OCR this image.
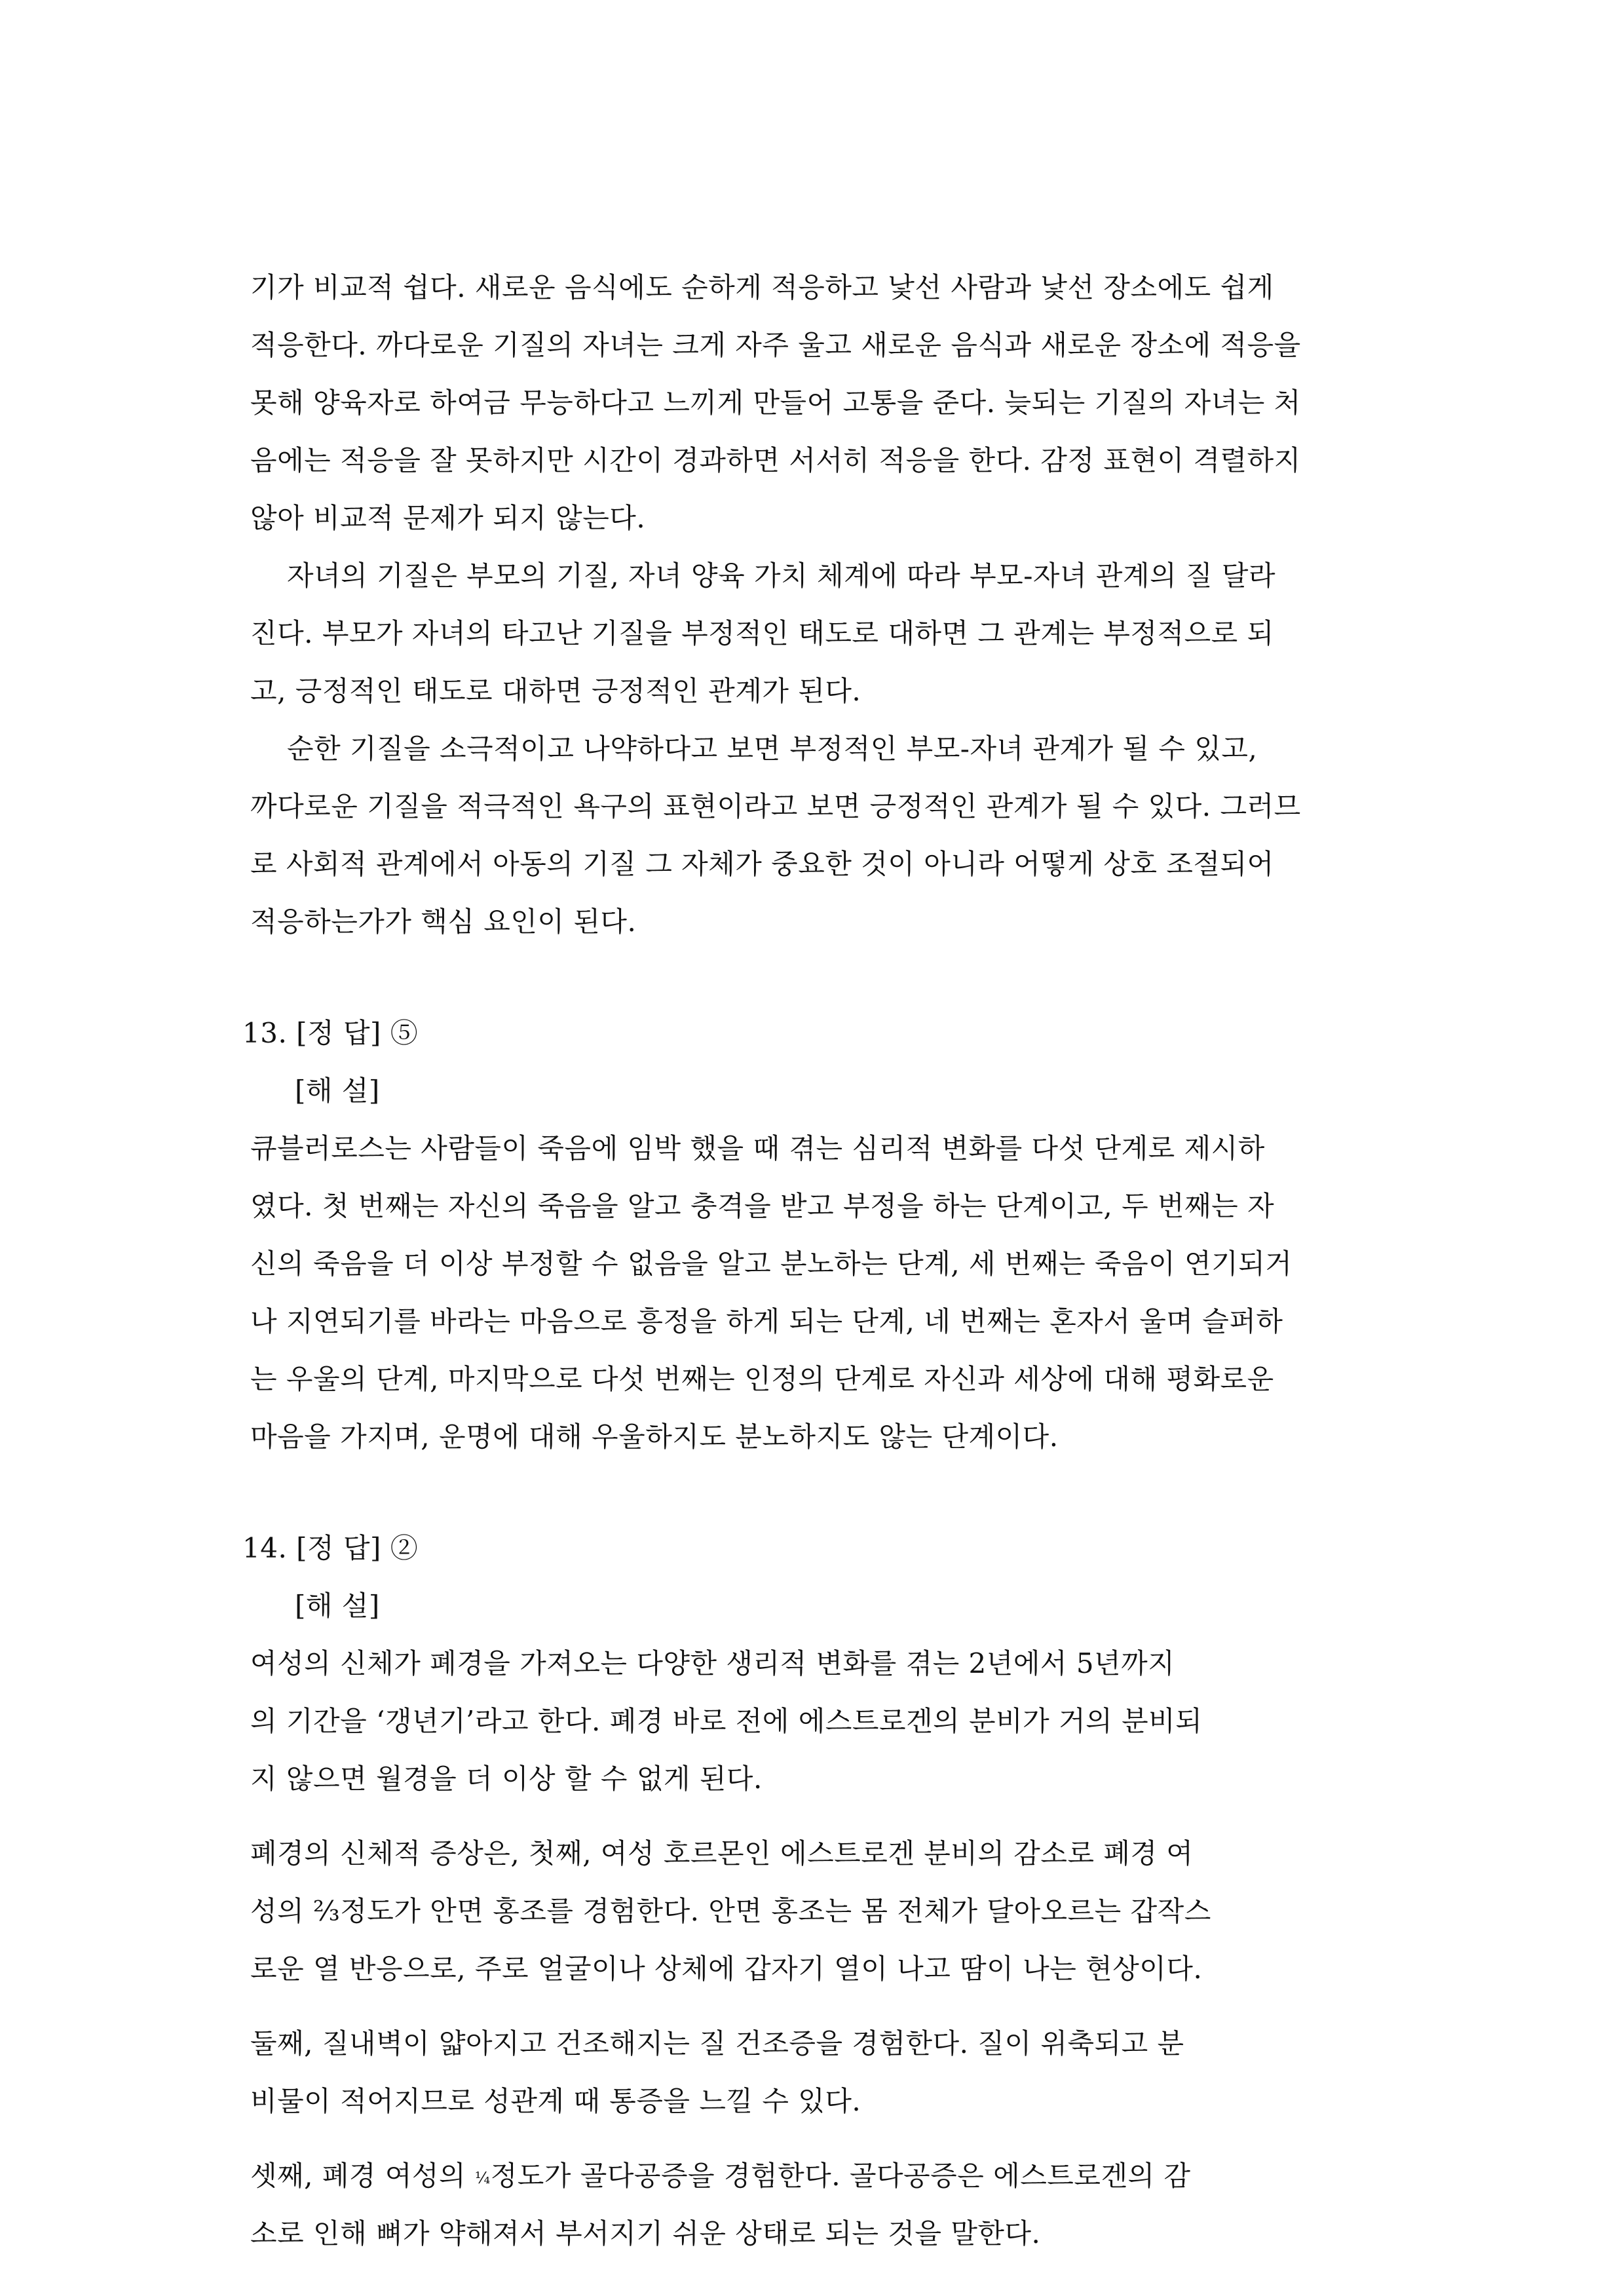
기가 비교적 쉽다. 새로운 음식에도 순하게 적응하고 낯선 사람과 낯선 장소에도 쉽게
적응한다. 까다로운 기질의 자녀는 크게 자주 울고 새로운 음식과 새로운 장소에 적응을
못해 양육자로 하여금 무능하다고 느끼게 만들어 고통을 준다. 늦되는 기질의 자녀는 처
음에는 적응을 잘 못하지만 시간이 경과하면 서서히 적응을 한다. 감정 표현이 격렬하지
않아 비교적 문제가 되지 않는다.
자녀의 기질은 부모의 기질, 자녀 양육 가치 체계에 따라 부모-자녀 관계의 질 달라
진다. 부모가 자녀의 타고난 기질을 부정적인 태도로 대하면 그 관계는 부정적으로 되
고, 긍정적인 태도로 대하면 긍정적인 관계가 된다.
순한 기질을 소극적이고 나약하다고 보면 부정적인 부모-자녀 관계가 될 수 있고,
까다로운 기질을 적극적인 욕구의 표현이라고 보면 긍정적인 관계가 될 수 있다. 그러므
로 사회적 관계에서 아동의 기질 그 자체가 중요한 것이 아니라 어떻게 상호 조절되어
적응하는가가 핵심 요인이 된다.
13. [정 답] ⑤
[해 설]
큐블러로스는 사람들이 죽음에 임박 했을 때 겪는 심리적 변화를 다섯 단계로 제시하
였다. 첫 번째는 자신의 죽음을 알고 충격을 받고 부정을 하는 단계이고, 두 번째는 자
신의 죽음을 더 이상 부정할 수 없음을 알고 분노하는 단계, 세 번째는 죽음이 연기되거
나 지연되기를 바라는 마음으로 흥정을 하게 되는 단계, 네 번째는 혼자서 울며 슬퍼하
는 우울의 단계, 마지막으로 다섯 번째는 인정의 단계로 자신과 세상에 대해 평화로운
마음을 가지며, 운명에 대해 우울하지도 분노하지도 않는 단계이다.
14. [정 답] ②
[해 설]
여성의 신체가 폐경을 가져오는 다양한 생리적 변화를 겪는 2년에서 5년까지
의 기간을 ‘갱년기’라고 한다. 폐경 바로 전에 에스트로겐의 분비가 거의 분비되
지 않으면 월경을 더 이상 할 수 없게 된다.
폐경의 신체적 증상은, 첫째, 여성 호르몬인 에스트로겐 분비의 감소로 폐경 여
성의 ⅔정도가 안면 홍조를 경험한다. 안면 홍조는 몸 전체가 달아오르는 갑작스
로운 열 반응으로, 주로 얼굴이나 상체에 갑자기 열이 나고 땀이 나는 현상이다.
둘째, 질내벽이 얇아지고 건조해지는 질 건조증을 경험한다. 질이 위축되고 분
비물이 적어지므로 성관계 때 통증을 느낄 수 있다.
셋째, 폐경 여성의 ¼정도가 골다공증을 경험한다. 골다공증은 에스트로겐의 감
소로 인해 뼈가 약해져서 부서지기 쉬운 상태로 되는 것을 말한다.
